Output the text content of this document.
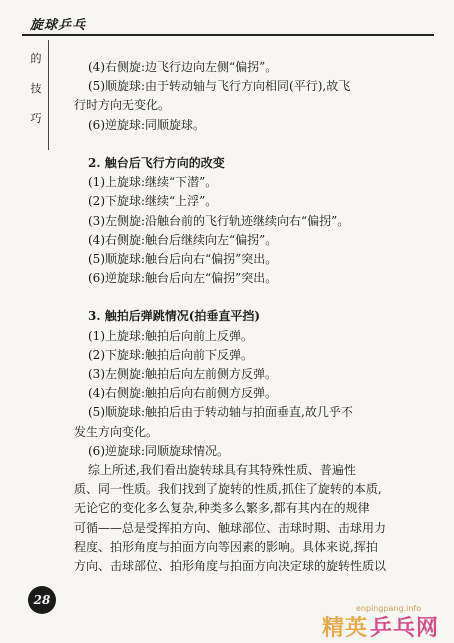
旋球乒乓
的
技
巧

(4)右侧旋:边飞行边向左侧“偏拐”。

(5)顺旋球:由于转动轴与飞行方向相同(平行),故飞

行时方向无变化。

(6)逆旋球:同顺旋球。

2. 触台后飞行方向的改变

(1)上旋球:继续“下潜”。

(2)下旋球:继续“上浮”。

(3)左侧旋:沿触台前的飞行轨迹继续向右“偏拐”。

(4)右侧旋:触台后继续向左“偏拐”。

(5)顺旋球:触台后向右“偏拐”突出。

(6)逆旋球:触台后向左“偏拐”突出。

3. 触拍后弹跳情况(拍垂直平挡)

(1)上旋球:触拍后向前上反弹。

(2)下旋球:触拍后向前下反弹。

(3)左侧旋:触拍后向左前侧方反弹。

(4)右侧旋:触拍后向右前侧方反弹。

(5)顺旋球:触拍后由于转动轴与拍面垂直,故几乎不

发生方向变化。

(6)逆旋球:同顺旋球情况。

综上所述,我们看出旋转球具有其特殊性质、普遍性

质、同一性质。我们找到了旋转的性质,抓住了旋转的本质,

无论它的变化多么复杂,种类多么繁多,都有其内在的规律

可循——总是受挥拍方向、触球部位、击球时期、击球用力

程度、拍形角度与拍面方向等因素的影响。具体来说,挥拍

方向、击球部位、拍形角度与拍面方向决定球的旋转性质以

28
enpingpang.info
精英 乒乓网
